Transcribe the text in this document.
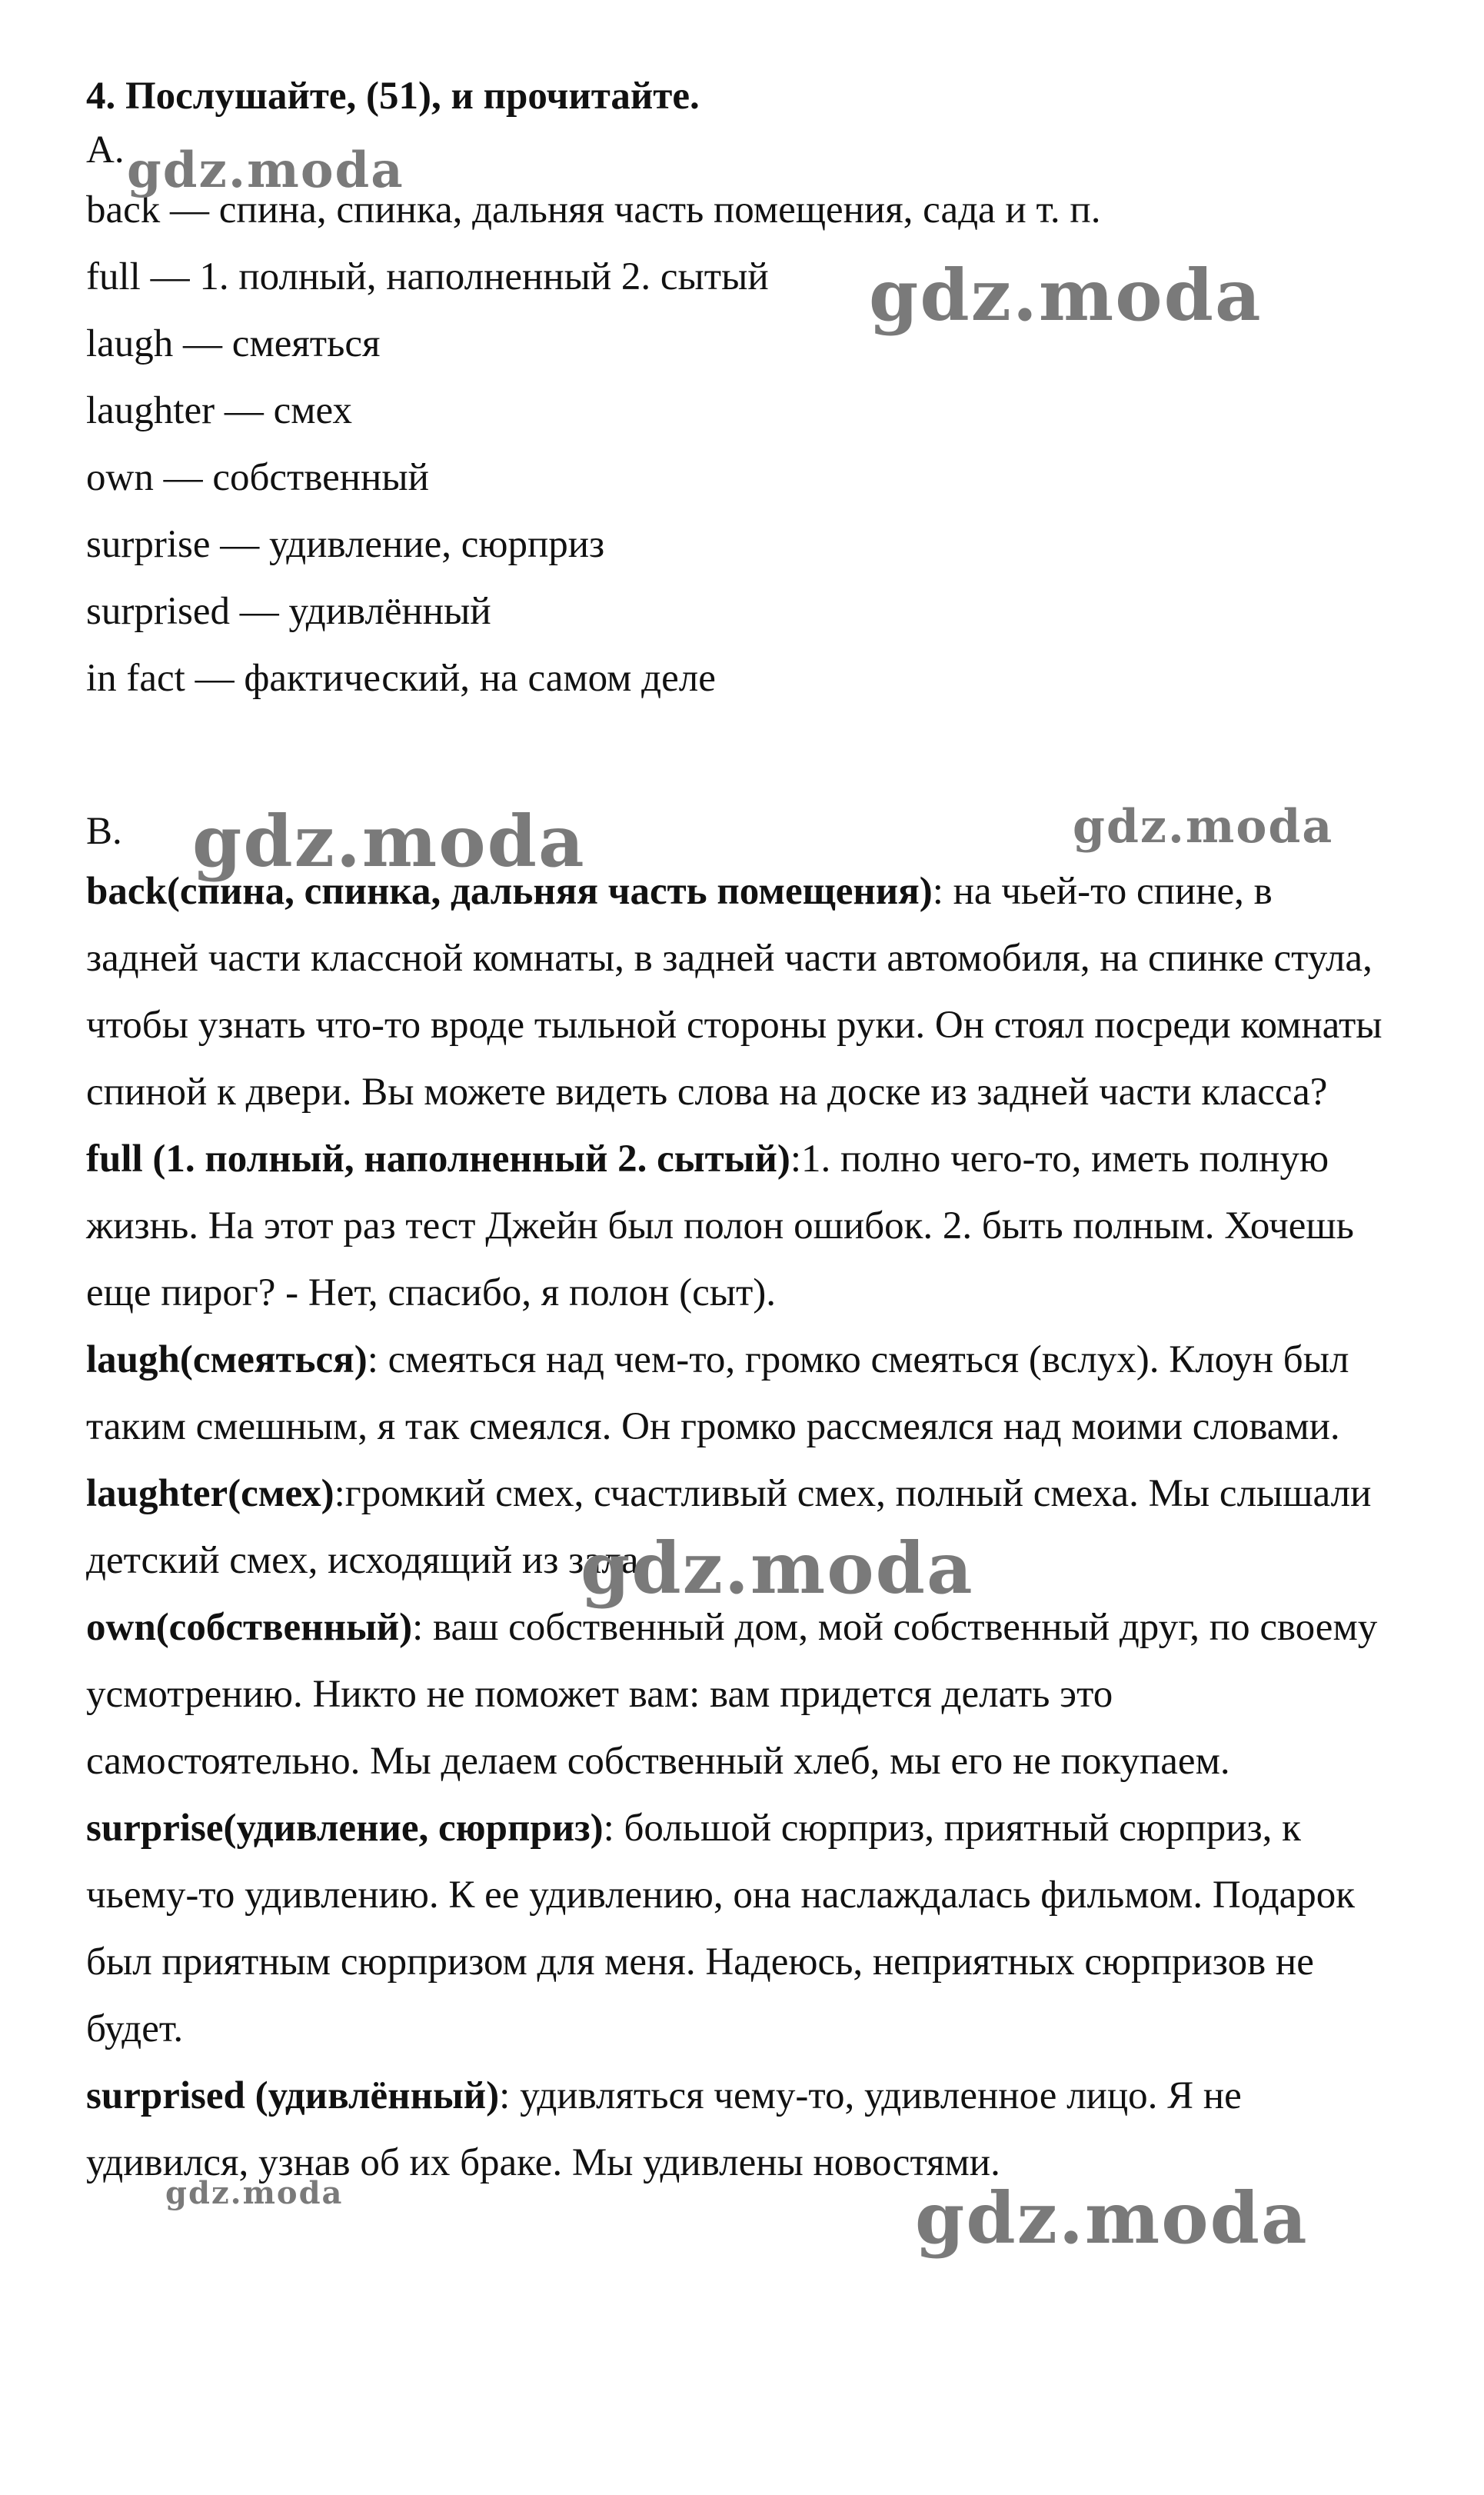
4. Послушайте, (51), и прочитайте.

A.

back — спина, спинка, дальняя часть помещения, сада и т. п.
full — 1. полный, наполненный 2. сытый
laugh — смеяться
laughter — смех
own — собственный
surprise — удивление, сюрприз
surprised — удивлённый
in fact — фактический, на самом деле

B.

back(спина, спинка, дальняя часть помещения): на чьей-то спине, в задней части классной комнаты, в задней части автомобиля, на спинке стула, чтобы узнать что-то вроде тыльной стороны руки. Он стоял посреди комнаты спиной к двери. Вы можете видеть слова на доске из задней части класса?

full (1. полный, наполненный 2. сытый):1. полно чего-то, иметь полную жизнь. На этот раз тест Джейн был полон ошибок. 2. быть полным. Хочешь еще пирог? - Нет, спасибо, я полон (сыт).

laugh(смеяться): смеяться над чем-то, громко смеяться (вслух). Клоун был таким смешным, я так смеялся. Он громко рассмеялся над моими словами.

laughter(смех):громкий смех, счастливый смех, полный смеха. Мы слышали детский смех, исходящий из зала.

own(собственный): ваш собственный дом, мой собственный друг, по своему усмотрению. Никто не поможет вам: вам придется делать это самостоятельно. Мы делаем собственный хлеб, мы его не покупаем.

surprise(удивление, сюрприз): большой сюрприз, приятный сюрприз, к чьему-то удивлению. К ее удивлению, она наслаждалась фильмом. Подарок был приятным сюрпризом для меня. Надеюсь, неприятных сюрпризов не будет.

surprised (удивлённый): удивляться чему-то, удивленное лицо. Я не удивился, узнав об их браке. Мы удивлены новостями.

gdz.moda
gdz.moda
gdz.moda	gdz.moda
gdz.moda
gdz.moda	gdz.moda
